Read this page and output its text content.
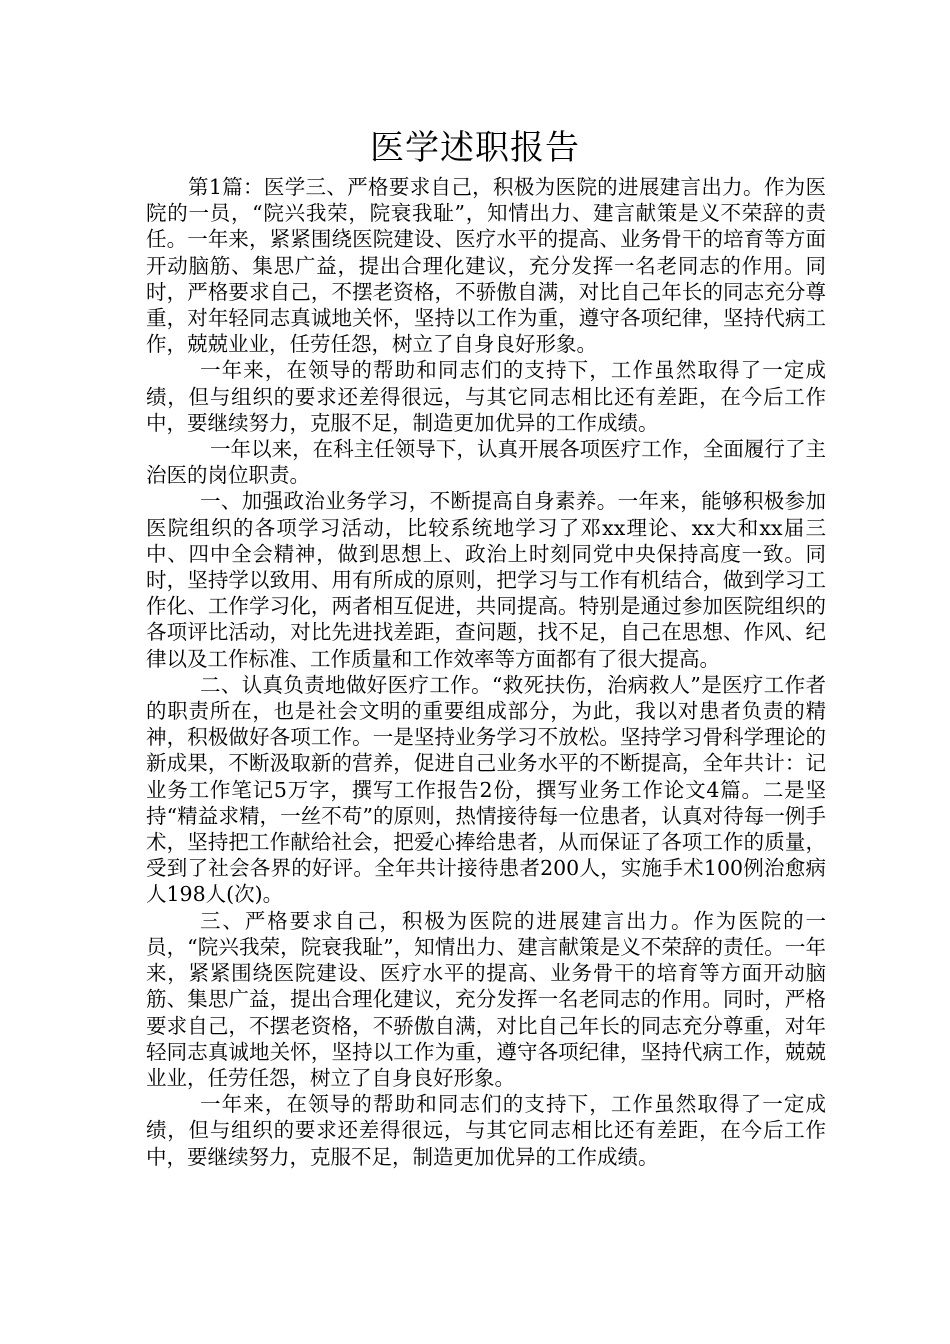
医学述职报告

第1篇：医学三、严格要求自己，积极为医院的进展建言出力。作为医院的一员，“院兴我荣，院衰我耻”，知情出力、建言献策是义不荣辞的责任。一年来，紧紧围绕医院建设、医疗水平的提高、业务骨干的培育等方面开动脑筋、集思广益，提出合理化建议，充分发挥一名老同志的作用。同时，严格要求自己，不摆老资格，不骄傲自满，对比自己年长的同志充分尊重，对年轻同志真诚地关怀，坚持以工作为重，遵守各项纪律，坚持代病工作，兢兢业业，任劳任怨，树立了自身良好形象。

一年来，在领导的帮助和同志们的支持下，工作虽然取得了一定成绩，但与组织的要求还差得很远，与其它同志相比还有差距，在今后工作中，要继续努力，克服不足，制造更加优异的工作成绩。

一年以来，在科主任领导下，认真开展各项医疗工作，全面履行了主治医的岗位职责。

一、加强政治业务学习，不断提高自身素养。一年来，能够积极参加医院组织的各项学习活动，比较系统地学习了邓xx理论、xx大和xx届三中、四中全会精神，做到思想上、政治上时刻同党中央保持高度一致。同时，坚持学以致用、用有所成的原则，把学习与工作有机结合，做到学习工作化、工作学习化，两者相互促进，共同提高。特别是通过参加医院组织的各项评比活动，对比先进找差距，查问题，找不足，自己在思想、作风、纪律以及工作标准、工作质量和工作效率等方面都有了很大提高。

二、认真负责地做好医疗工作。“救死扶伤，治病救人”是医疗工作者的职责所在，也是社会文明的重要组成部分，为此，我以对患者负责的精神，积极做好各项工作。一是坚持业务学习不放松。坚持学习骨科学理论的新成果，不断汲取新的营养，促进自己业务水平的不断提高，全年共计：记业务工作笔记5万字，撰写工作报告2份，撰写业务工作论文4篇。二是坚持“精益求精，一丝不苟”的原则，热情接待每一位患者，认真对待每一例手术，坚持把工作献给社会，把爱心捧给患者，从而保证了各项工作的质量，受到了社会各界的好评。全年共计接待患者200人，实施手术100例治愈病人198人(次)。

三、严格要求自己，积极为医院的进展建言出力。作为医院的一员，“院兴我荣，院衰我耻”，知情出力、建言献策是义不荣辞的责任。一年来，紧紧围绕医院建设、医疗水平的提高、业务骨干的培育等方面开动脑筋、集思广益，提出合理化建议，充分发挥一名老同志的作用。同时，严格要求自己，不摆老资格，不骄傲自满，对比自己年长的同志充分尊重，对年轻同志真诚地关怀，坚持以工作为重，遵守各项纪律，坚持代病工作，兢兢业业，任劳任怨，树立了自身良好形象。

一年来，在领导的帮助和同志们的支持下，工作虽然取得了一定成绩，但与组织的要求还差得很远，与其它同志相比还有差距，在今后工作中，要继续努力，克服不足，制造更加优异的工作成绩。
